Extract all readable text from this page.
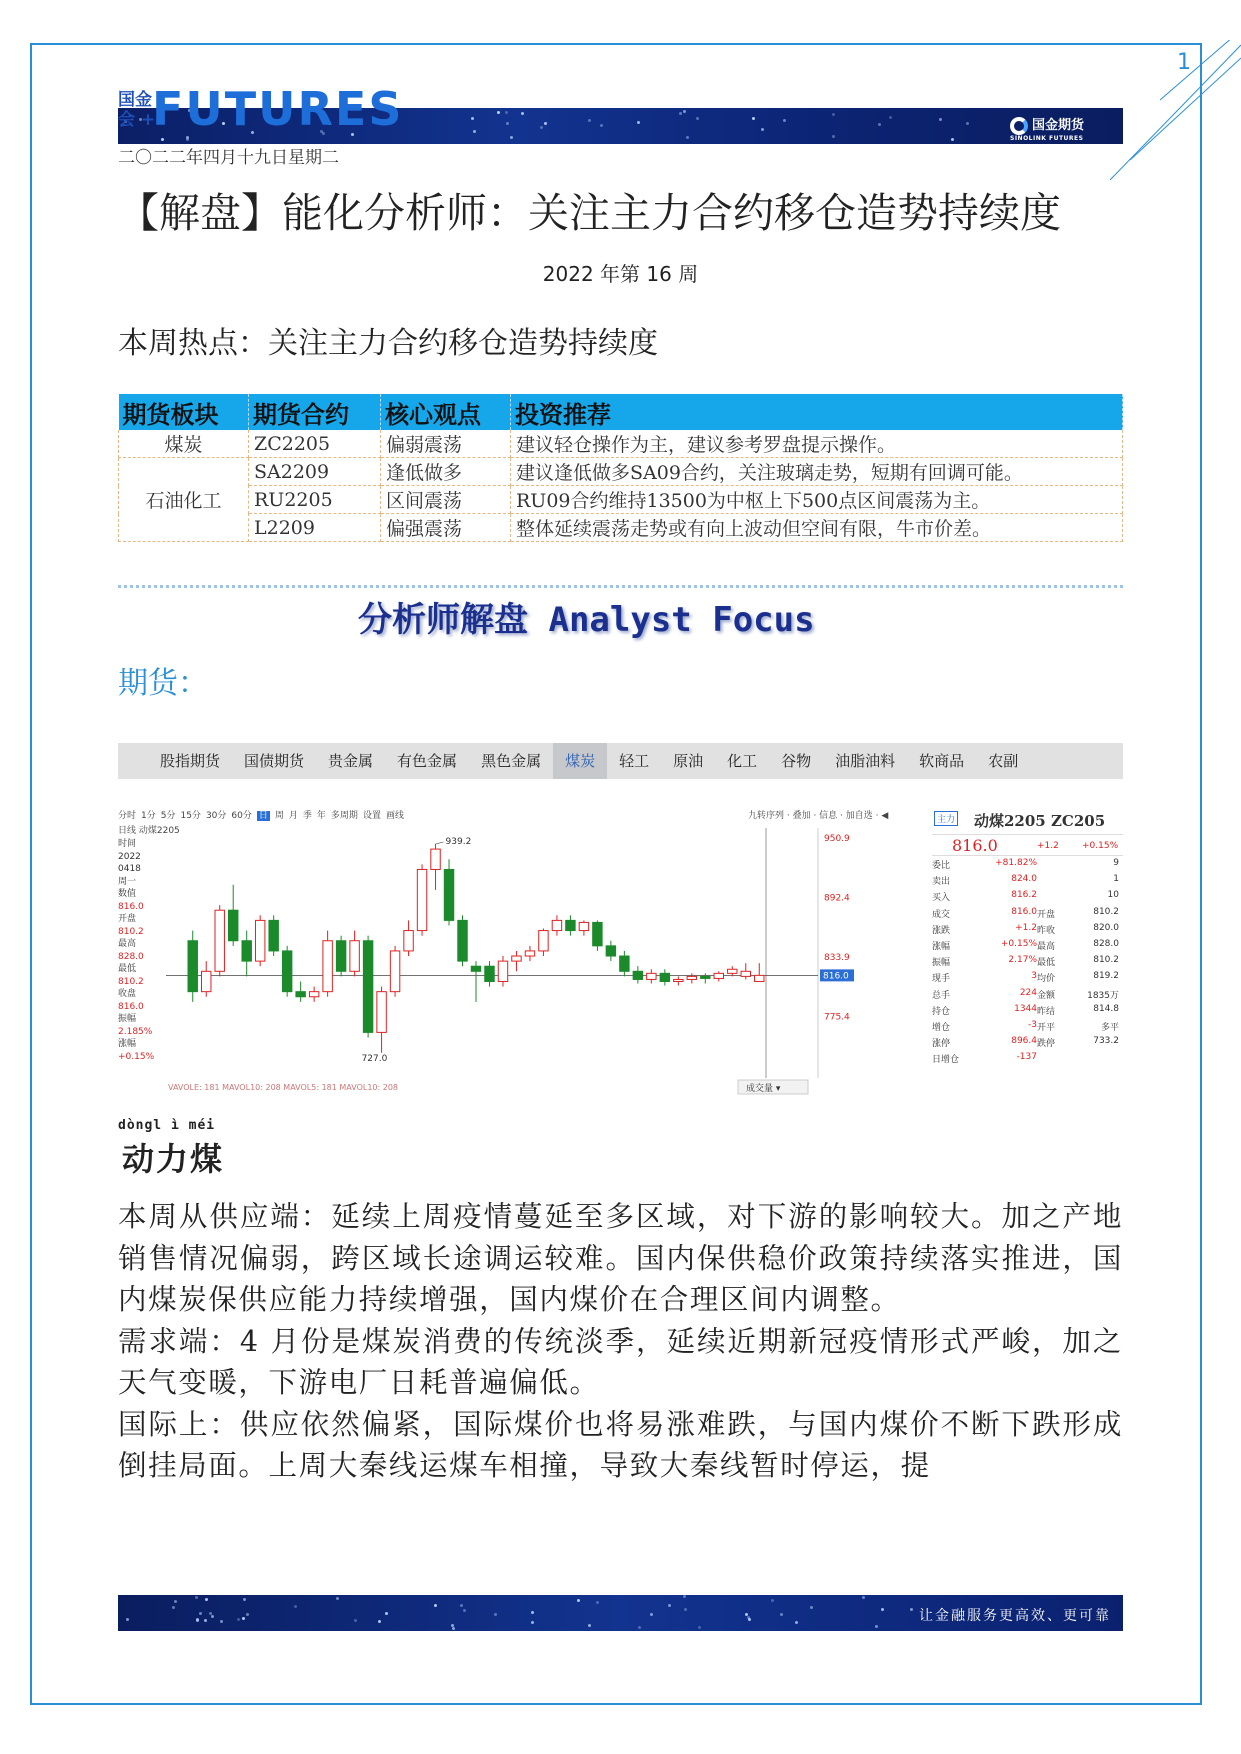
1
国金
会 +
FUTURES	国金期货
SINOLINK FUTURES
二〇二二年四月十九日星期二
【解盘】能化分析师：关注主力合约移仓造势持续度
2022 年第 16 周
本周热点：关注主力合约移仓造势持续度
期货板块	期货合约	核心观点	投资推荐
煤炭	ZC2205	偏弱震荡	建议轻仓操作为主，建议参考罗盘提示操作。
石油化工	SA2209	逢低做多	建议逢低做多SA09合约，关注玻璃走势，短期有回调可能。
	RU2205	区间震荡	RU09合约维持13500为中枢上下500点区间震荡为主。
	L2209	偏强震荡	整体延续震荡走势或有向上波动但空间有限，牛市价差。
分析师解盘 Analyst Focus
期货：
股指期货	国债期货	贵金属	有色金属	黑色金属	煤炭	轻工	原油	化工	谷物	油脂油料	软商品	农副
950.9
892.4
833.9
775.4
816.0
939.2
727.0
VAVOLE: 181 MAVOL10: 208 MAVOL5: 181 MAVOL10: 208	成交量 ▾
分时 1分 5分 15分 30分 60分 日 周 月 季 年 多周期 设置 画线	九转序列 · 叠加 · 信息 · 加自选 · ◀
日线 动煤2205
时间
2022
0418
周一
数值
816.0
开盘
810.2
最高
828.0
最低
810.2
收盘
816.0
振幅
2.185%
涨幅
+0.15%
主力 动煤2205 ZC205
816.0	+1.2	+0.15%
委比	+81.82%	9
卖出	824.0	1
买入	816.2	10
成交	816.0 开盘	810.2
涨跌	+1.2 昨收	820.0
涨幅	+0.15% 最高	828.0
振幅	2.17% 最低	810.2
现手	3 均价	819.2
总手	224 金额	1835万
持仓	1344 昨结	814.8
增仓	-3 开平	多平
涨停	896.4 跌停	733.2
日增仓	-137
dòngl ì méi
动力煤

本周从供应端：延续上周疫情蔓延至多区域，对下游的影响较大。加之产地销售情况偏弱，跨区域长途调运较难。国内保供稳价政策持续落实推进，国内煤炭保供应能力持续增强，国内煤价在合理区间内调整。

需求端：4 月份是煤炭消费的传统淡季，延续近期新冠疫情形式严峻，加之天气变暖，下游电厂日耗普遍偏低。

国际上：供应依然偏紧，国际煤价也将易涨难跌，与国内煤价不断下跌形成倒挂局面。上周大秦线运煤车相撞，导致大秦线暂时停运，提

让金融服务更高效、更可靠
